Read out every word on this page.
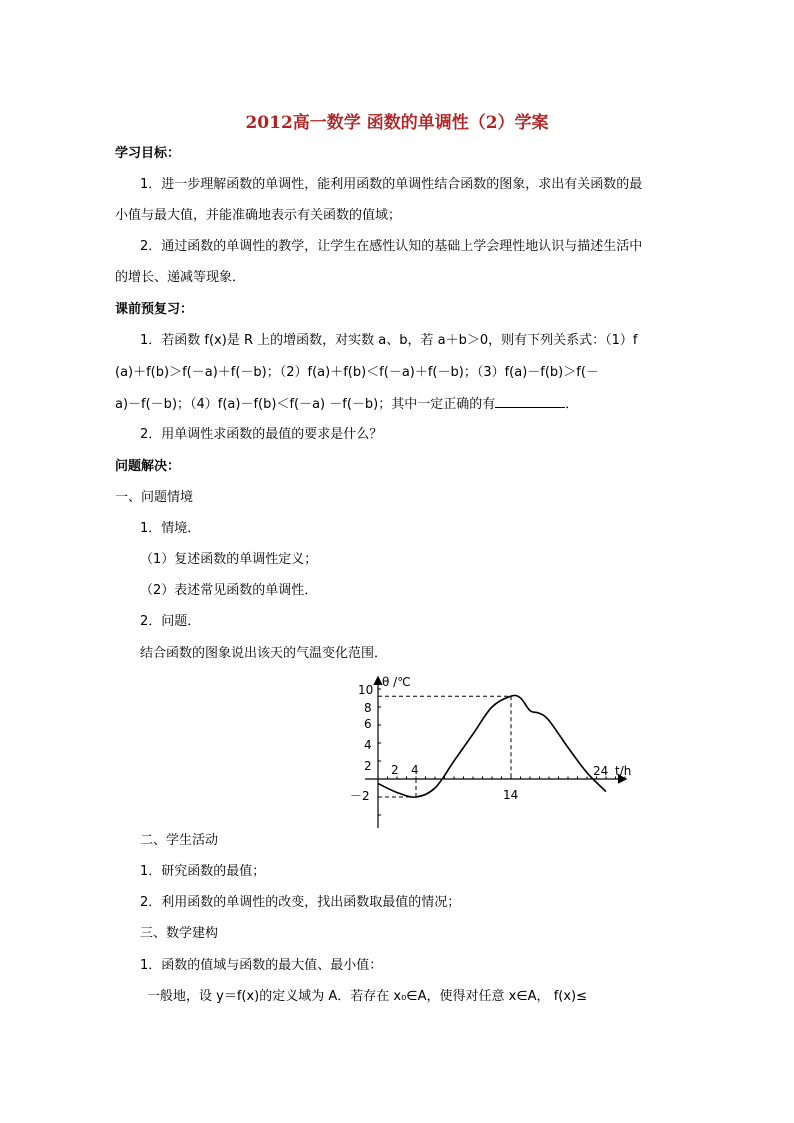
2012高一数学 函数的单调性（2）学案
学习目标：
1．进一步理解函数的单调性，能利用函数的单调性结合函数的图象，求出有关函数的最
小值与最大值，并能准确地表示有关函数的值域；
2．通过函数的单调性的教学，让学生在感性认知的基础上学会理性地认识与描述生活中
的增长、递减等现象．
课前预复习：
1．若函数 f(x)是 R 上的增函数，对实数 a、b，若 a＋b＞0，则有下列关系式：（1）f
(a)＋f(b)＞f(－a)＋f(－b)；（2）f(a)＋f(b)＜f(－a)＋f(－b)；（3）f(a)－f(b)＞f(－
a)－f(－b)；（4）f(a)－f(b)＜f(－a) －f(－b)；其中一定正确的有	．
2．用单调性求函数的最值的要求是什么？
问题解决：
一、问题情境
1．情境．
（1）复述函数的单调性定义；
（2）表述常见函数的单调性．
2．问题．
结合函数的图象说出该天的气温变化范围．
θ /℃
t/h
10
8
6
4
2
－2
2 4
14
24
二、学生活动
1．研究函数的最值；
2．利用函数的单调性的改变，找出函数取最值的情况；
三、数学建构
1．函数的值域与函数的最大值、最小值：
一般地，设 y＝f(x)的定义域为 A．若存在 x₀∈A，使得对任意 x∈A， f(x)≤
